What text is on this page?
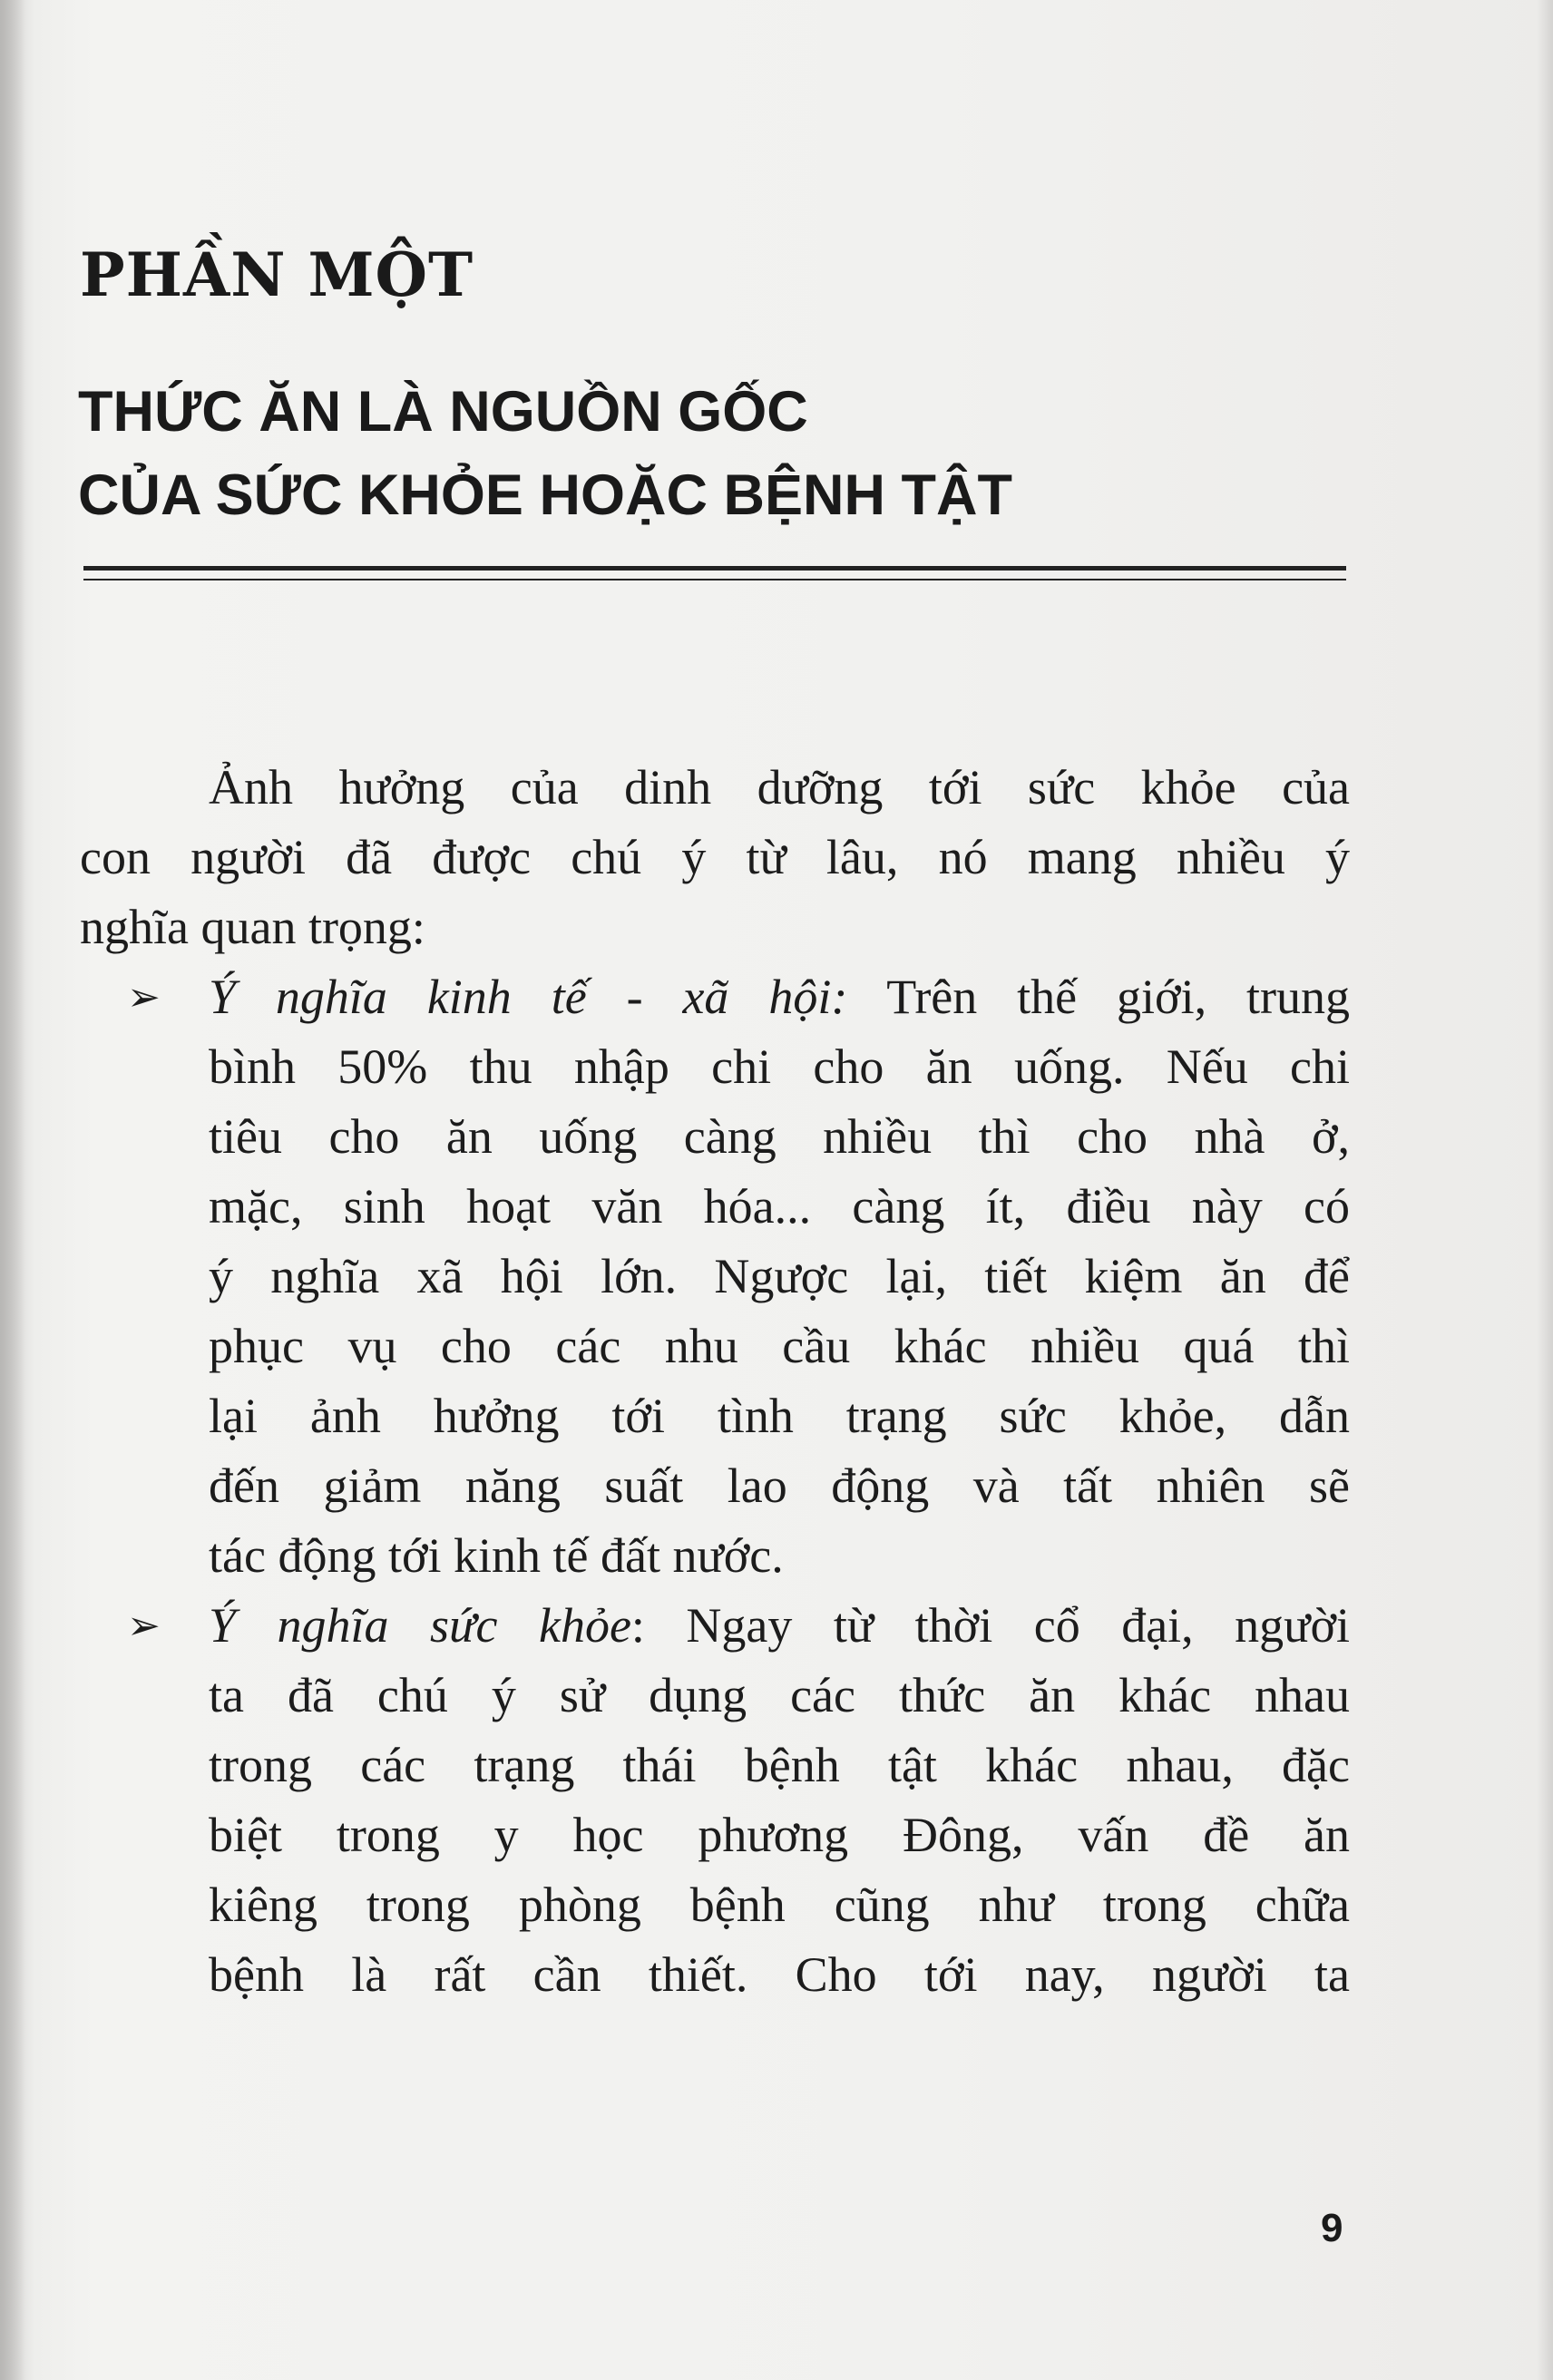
PHẦN MỘT
THỨC ĂN LÀ NGUỒN GỐC
CỦA SỨC KHỎE HOẶC BỆNH TẬT
Ảnh hưởng của dinh dưỡng tới sức khỏe của
con người đã được chú ý từ lâu, nó mang nhiều ý
nghĩa quan trọng:
➢ Ý nghĩa kinh tế - xã hội: Trên thế giới, trung
bình 50% thu nhập chi cho ăn uống. Nếu chi
tiêu cho ăn uống càng nhiều thì cho nhà ở,
mặc, sinh hoạt văn hóa... càng ít, điều này có
ý nghĩa xã hội lớn. Ngược lại, tiết kiệm ăn để
phục vụ cho các nhu cầu khác nhiều quá thì
lại ảnh hưởng tới tình trạng sức khỏe, dẫn
đến giảm năng suất lao động và tất nhiên sẽ
tác động tới kinh tế đất nước.
➢ Ý nghĩa sức khỏe: Ngay từ thời cổ đại, người
ta đã chú ý sử dụng các thức ăn khác nhau
trong các trạng thái bệnh tật khác nhau, đặc
biệt trong y học phương Đông, vấn đề ăn
kiêng trong phòng bệnh cũng như trong chữa
bệnh là rất cần thiết. Cho tới nay, người ta

9
